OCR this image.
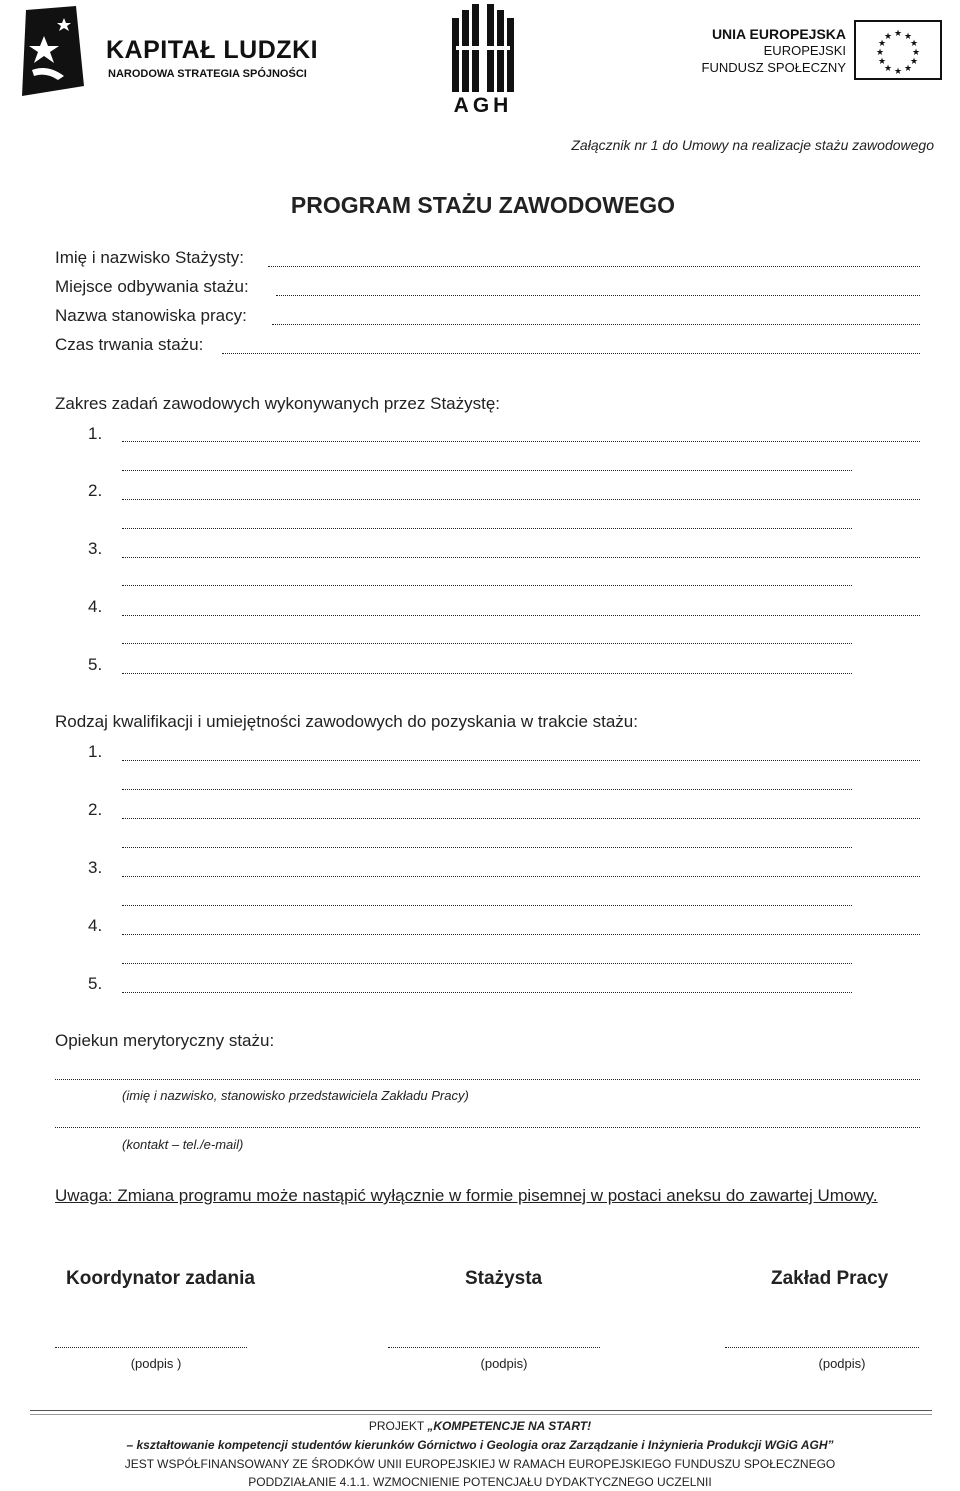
KAPITAŁ LUDZKI
NARODOWA STRATEGIA SPÓJNOŚCI
AGH
UNIA EUROPEJSKA
EUROPEJSKI
FUNDUSZ SPOŁECZNY
★ ★
★
★
★
★
★
★
★
★
★
★
Załącznik nr 1 do Umowy na realizacje stażu zawodowego
PROGRAM STAŻU ZAWODOWEGO
Imię i nazwisko Stażysty:
Miejsce odbywania stażu:
Nazwa stanowiska pracy:
Czas trwania stażu:
Zakres zadań zawodowych wykonywanych przez Stażystę:
1.
2.
3.
4.
5.
Rodzaj kwalifikacji i umiejętności zawodowych do pozyskania w trakcie stażu:
1.
2.
3.
4.
5.
Opiekun merytoryczny stażu:
(imię i nazwisko, stanowisko przedstawiciela Zakładu Pracy)
(kontakt – tel./e-mail)
Uwaga: Zmiana programu może nastąpić wyłącznie w formie pisemnej w postaci aneksu do zawartej Umowy.
Koordynator zadania	Stażysta	Zakład Pracy
(podpis )	(podpis)	(podpis)
PROJEKT „KOMPETENCJE NA START!
– kształtowanie kompetencji studentów kierunków Górnictwo i Geologia oraz Zarządzanie i Inżynieria Produkcji WGiG AGH”
JEST WSPÓŁFINANSOWANY ZE ŚRODKÓW UNII EUROPEJSKIEJ W RAMACH EUROPEJSKIEGO FUNDUSZU SPOŁECZNEGO
PODDZIAŁANIE 4.1.1. WZMOCNIENIE POTENCJAŁU DYDAKTYCZNEGO UCZELNII
